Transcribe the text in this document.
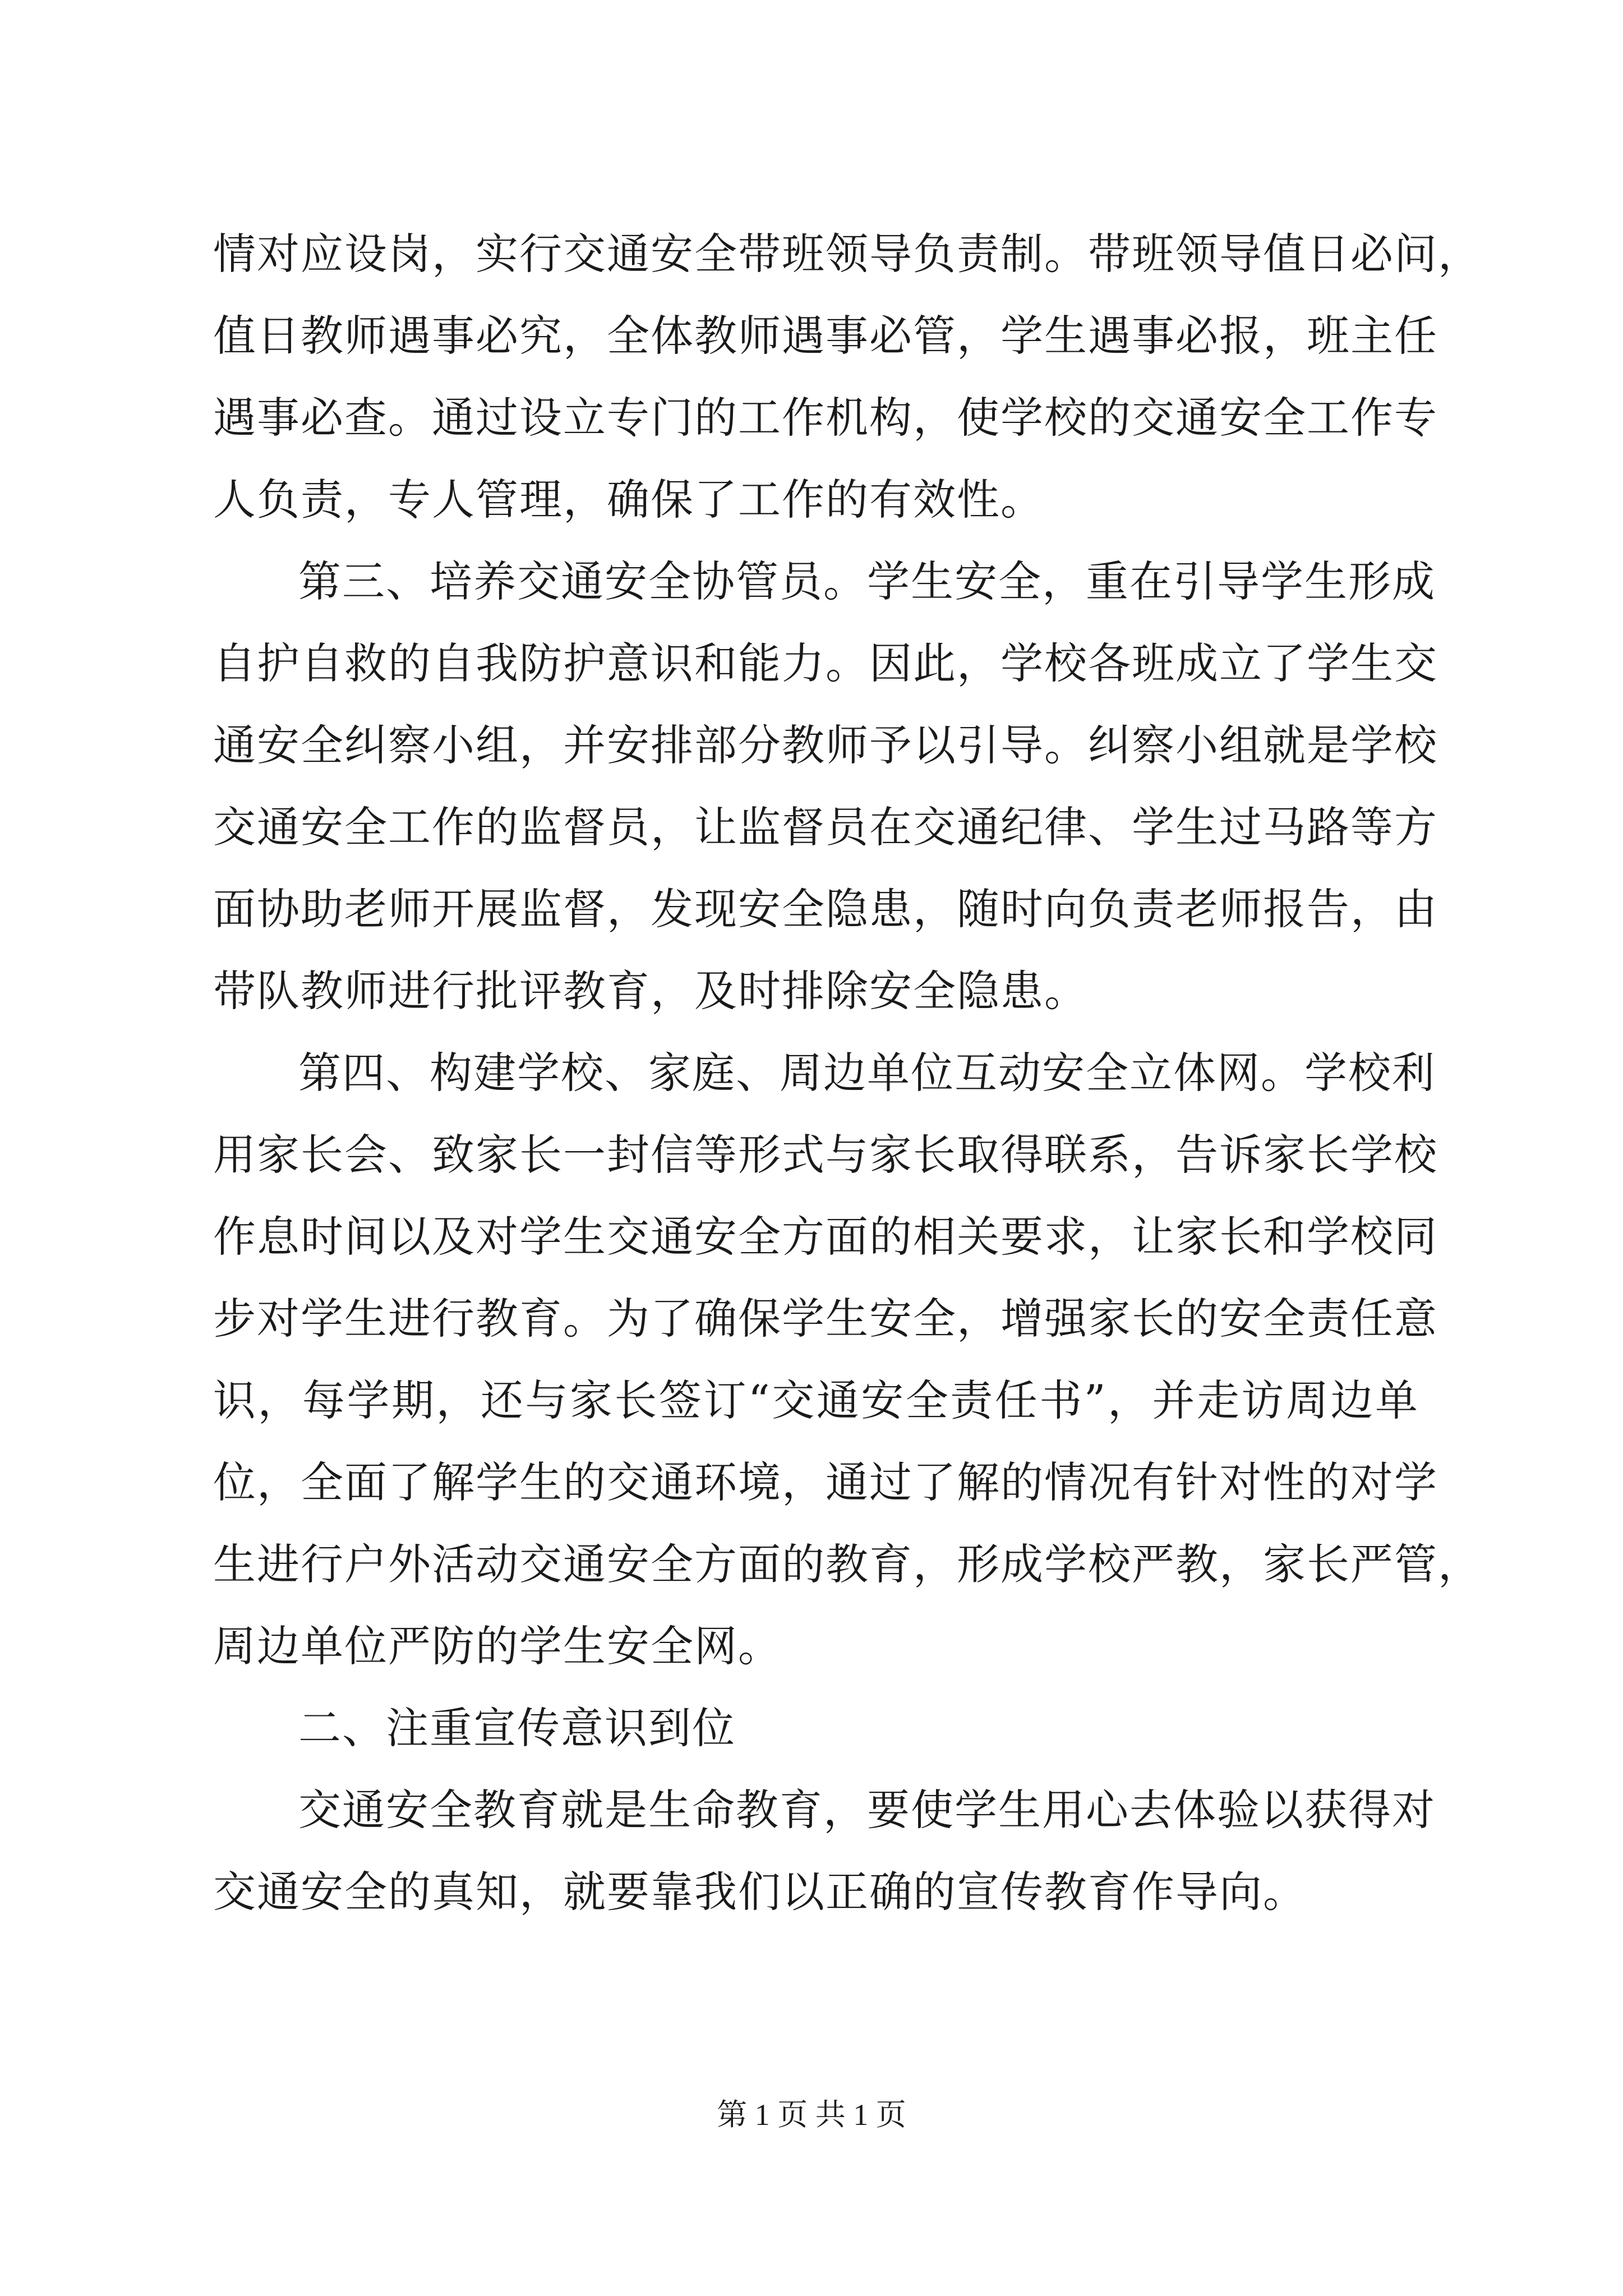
情对应设岗，实行交通安全带班领导负责制。带班领导值日必问，
值日教师遇事必究，全体教师遇事必管，学生遇事必报，班主任
遇事必查。通过设立专门的工作机构，使学校的交通安全工作专
人负责，专人管理，确保了工作的有效性。
第三、培养交通安全协管员。学生安全，重在引导学生形成
自护自救的自我防护意识和能力。因此，学校各班成立了学生交
通安全纠察小组，并安排部分教师予以引导。纠察小组就是学校
交通安全工作的监督员，让监督员在交通纪律、学生过马路等方
面协助老师开展监督，发现安全隐患，随时向负责老师报告，由
带队教师进行批评教育，及时排除安全隐患。
第四、构建学校、家庭、周边单位互动安全立体网。学校利
用家长会、致家长一封信等形式与家长取得联系，告诉家长学校
作息时间以及对学生交通安全方面的相关要求，让家长和学校同
步对学生进行教育。为了确保学生安全，增强家长的安全责任意
识，每学期，还与家长签订“交通安全责任书”，并走访周边单
位，全面了解学生的交通环境，通过了解的情况有针对性的对学
生进行户外活动交通安全方面的教育，形成学校严教，家长严管，
周边单位严防的学生安全网。
二、注重宣传意识到位
交通安全教育就是生命教育，要使学生用心去体验以获得对
交通安全的真知，就要靠我们以正确的宣传教育作导向。
第 1 页 共 1 页
